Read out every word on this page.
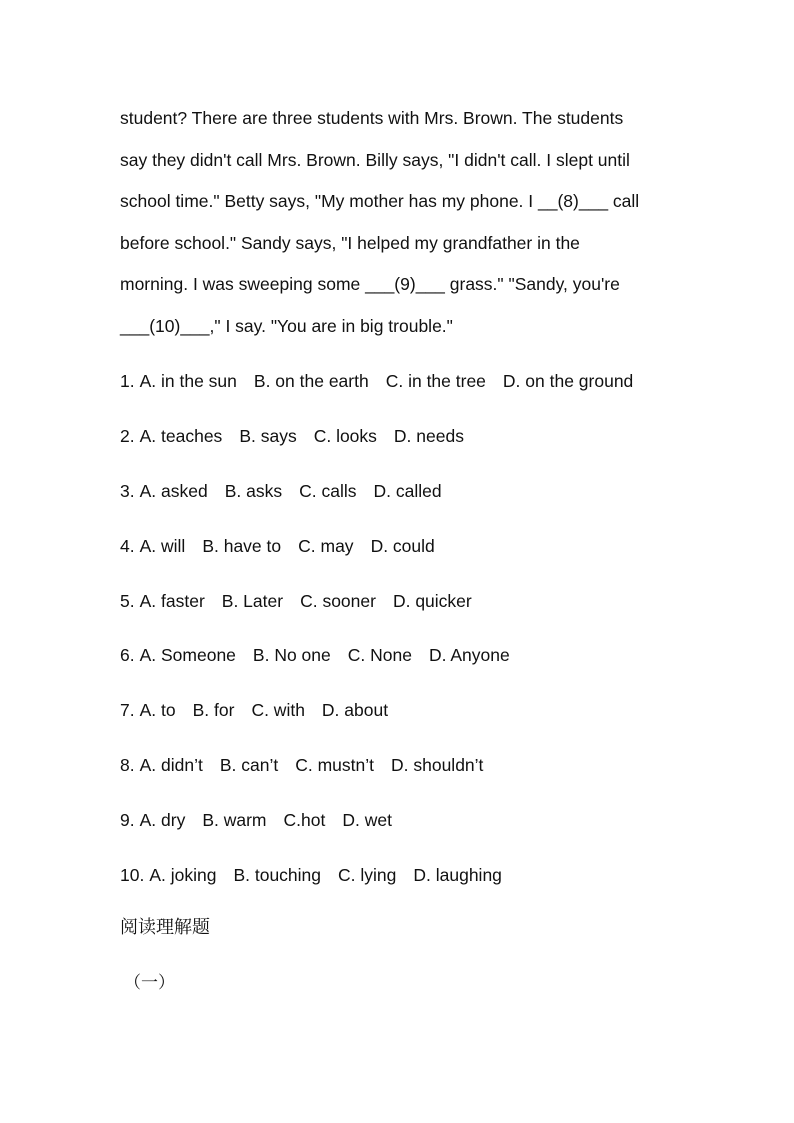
student? There are three students with Mrs. Brown. The students
say they didn't call Mrs. Brown. Billy says, "I didn't call. I slept until
school time." Betty says, "My mother has my phone. I __(8)___ call
before school." Sandy says, "I helped my grandfather in the
morning. I was sweeping some ___(9)___ grass." "Sandy, you're
___(10)___," I say. "You are in big trouble."
1. A. in the sun B. on the earth C. in the tree D. on the ground
2. A. teaches B. says C. looks D. needs
3. A. asked B. asks C. calls D. called
4. A. will B. have to C. may D. could
5. A. faster B. Later C. sooner D. quicker
6. A. Someone B. No one C. None D. Anyone
7. A. to B. for C. with D. about
8. A. didn’t B. can’t C. mustn’t D. shouldn’t
9. A. dry B. warm C.hot D. wet
10. A. joking B. touching C. lying D. laughing
阅读理解题
（一）
